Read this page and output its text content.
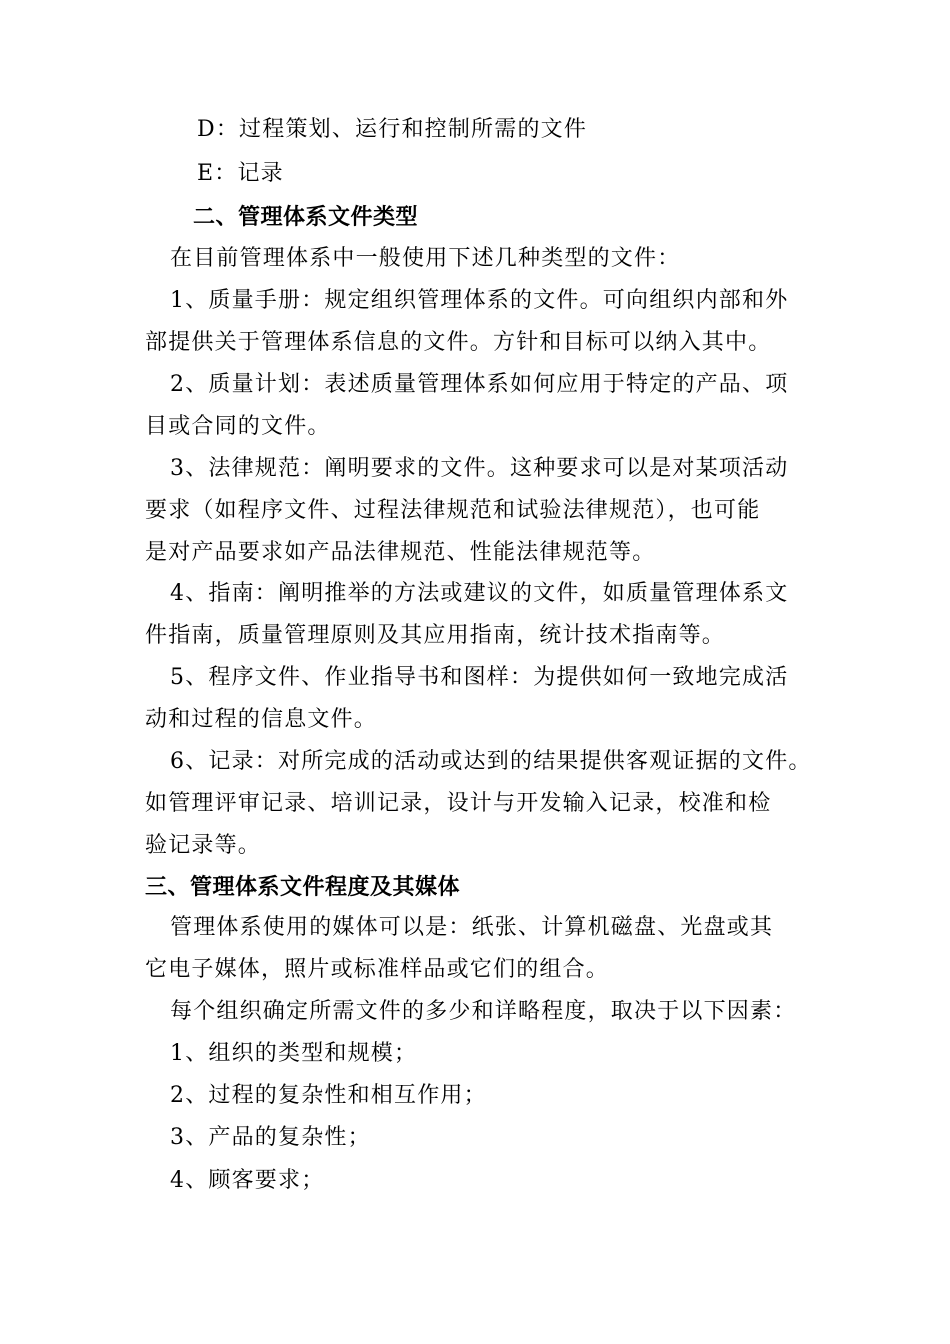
D：过程策划、运行和控制所需的文件
E：记录
二、管理体系文件类型
在目前管理体系中一般使用下述几种类型的文件：
1、质量手册：规定组织管理体系的文件。可向组织内部和外
部提供关于管理体系信息的文件。方针和目标可以纳入其中。
2、质量计划：表述质量管理体系如何应用于特定的产品、项
目或合同的文件。
3、法律规范：阐明要求的文件。这种要求可以是对某项活动
要求（如程序文件、过程法律规范和试验法律规范），也可能
是对产品要求如产品法律规范、性能法律规范等。
4、指南：阐明推举的方法或建议的文件，如质量管理体系文
件指南，质量管理原则及其应用指南，统计技术指南等。
5、程序文件、作业指导书和图样：为提供如何一致地完成活
动和过程的信息文件。
6、记录：对所完成的活动或达到的结果提供客观证据的文件。
如管理评审记录、培训记录，设计与开发输入记录，校准和检
验记录等。
三、管理体系文件程度及其媒体
管理体系使用的媒体可以是：纸张、计算机磁盘、光盘或其
它电子媒体，照片或标准样品或它们的组合。
每个组织确定所需文件的多少和详略程度，取决于以下因素：
1、组织的类型和规模；
2、过程的复杂性和相互作用；
3、产品的复杂性；
4、顾客要求；
